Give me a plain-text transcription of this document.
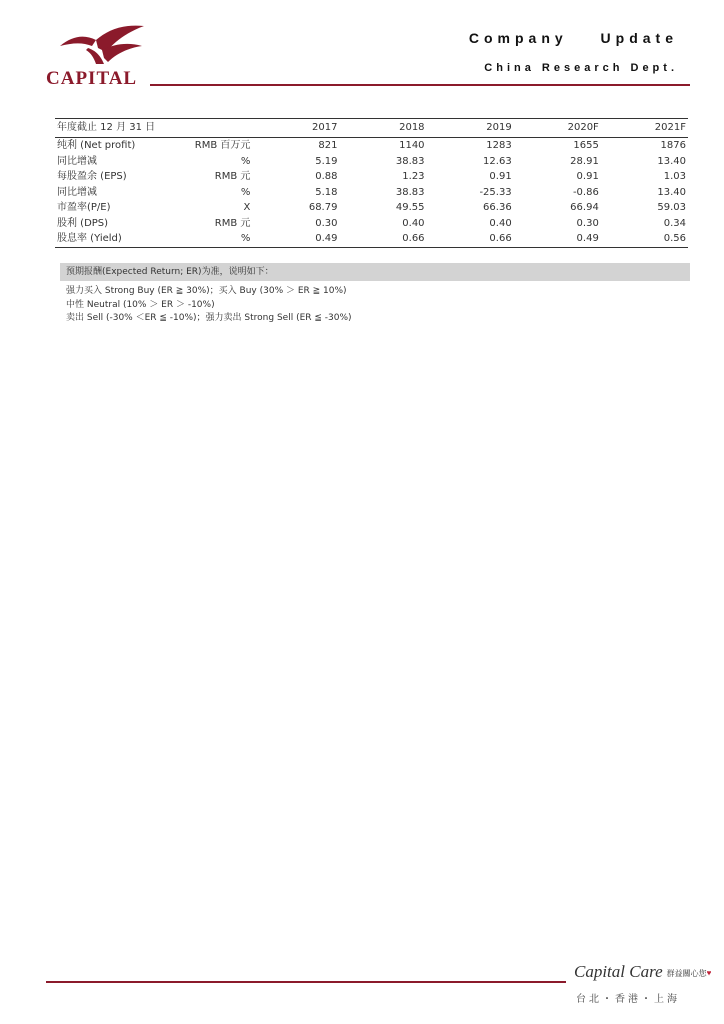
CAPITAL
Company Update
China Research Dept.
年度截止 12 月 31 日		2017	2018	2019	2020F	2021F
纯利 (Net profit)	RMB 百万元	821	1140	1283	1655	1876
同比增减	%	5.19	38.83	12.63	28.91	13.40
每股盈余 (EPS)	RMB 元	0.88	1.23	0.91	0.91	1.03
同比增减	%	5.18	38.83	-25.33	-0.86	13.40
市盈率(P/E)	X	68.79	49.55	66.36	66.94	59.03
股利 (DPS)	RMB 元	0.30	0.40	0.40	0.30	0.34
股息率 (Yield)	%	0.49	0.66	0.66	0.49	0.56
预期报酬(Expected Return; ER)为准，说明如下：
强力买入 Strong Buy (ER ≧ 30%)；买入 Buy (30% ＞ ER ≧ 10%)
中性 Neutral (10% ＞ ER ＞ -10%)
卖出 Sell (-30% ＜ER ≦ -10%)；强力卖出 Strong Sell (ER ≦ -30%)
Capital Care 群益關心您♥
台北・香港・上海
